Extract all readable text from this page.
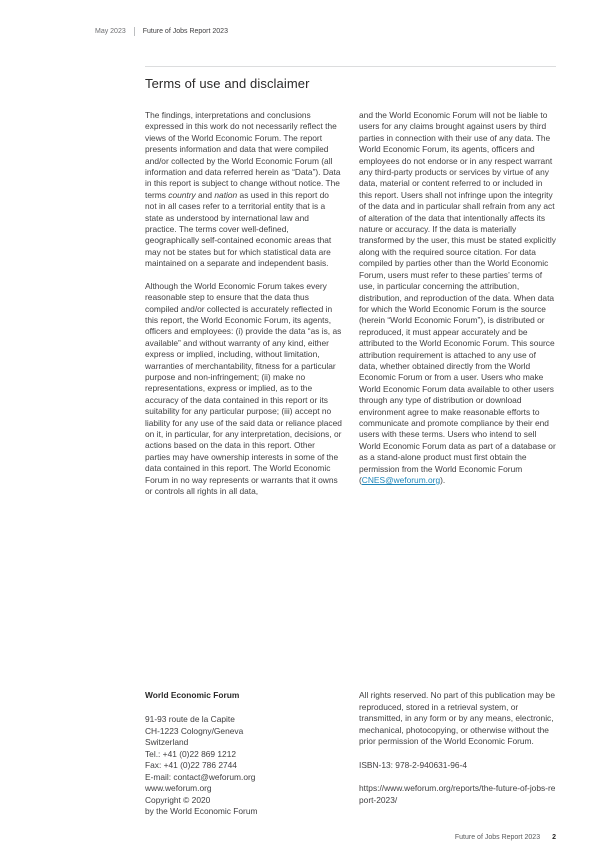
May 2023 Future of Jobs Report 2023
Terms of use and disclaimer

The findings, interpretations and conclusions expressed in this work do not necessarily reflect the views of the World Economic Forum. The report presents information and data that were compiled and/or collected by the World Economic Forum (all information and data referred herein as “Data”). Data in this report is subject to change without notice. The terms country and nation as used in this report do not in all cases refer to a territorial entity that is a state as understood by international law and practice. The terms cover well-defined, geographically self-contained economic areas that may not be states but for which statistical data are maintained on a separate and independent basis.

Although the World Economic Forum takes every reasonable step to ensure that the data thus compiled and/or collected is accurately reflected in this report, the World Economic Forum, its agents, officers and employees: (i) provide the data “as is, as available” and without warranty of any kind, either express or implied, including, without limitation, warranties of merchantability, fitness for a particular purpose and non-infringement; (ii) make no representations, express or implied, as to the accuracy of the data contained in this report or its suitability for any particular purpose; (iii) accept no liability for any use of the said data or reliance placed on it, in particular, for any interpretation, decisions, or actions based on the data in this report. Other parties may have ownership interests in some of the data contained in this report. The World Economic Forum in no way represents or warrants that it owns or controls all rights in all data,

and the World Economic Forum will not be liable to users for any claims brought against users by third parties in connection with their use of any data. The World Economic Forum, its agents, officers and employees do not endorse or in any respect warrant any third-party products or services by virtue of any data, material or content referred to or included in this report. Users shall not infringe upon the integrity of the data and in particular shall refrain from any act of alteration of the data that intentionally affects its nature or accuracy. If the data is materially transformed by the user, this must be stated explicitly along with the required source citation. For data compiled by parties other than the World Economic Forum, users must refer to these parties’ terms of use, in particular concerning the attribution, distribution, and reproduction of the data. When data for which the World Economic Forum is the source (herein “World Economic Forum”), is distributed or reproduced, it must appear accurately and be attributed to the World Economic Forum. This source attribution requirement is attached to any use of data, whether obtained directly from the World Economic Forum or from a user. Users who make World Economic Forum data available to other users through any type of distribution or download environment agree to make reasonable efforts to communicate and promote compliance by their end users with these terms. Users who intend to sell World Economic Forum data as part of a database or as a stand-alone product must first obtain the permission from the World Economic Forum (CNES@weforum.org).

World Economic Forum
91-93 route de la Capite
CH-1223 Cologny/Geneva
Switzerland
Tel.: +41 (0)22 869 1212
Fax: +41 (0)22 786 2744
E-mail: contact@weforum.org
www.weforum.org
Copyright © 2020
by the World Economic Forum

All rights reserved. No part of this publication may be reproduced, stored in a retrieval system, or transmitted, in any form or by any means, electronic, mechanical, photocopying, or otherwise without the prior permission of the World Economic Forum.

ISBN-13: 978-2-940631-96-4

https://www.weforum.org/reports/the-future-of-jobs-report-2023/

Future of Jobs Report 2023 2
